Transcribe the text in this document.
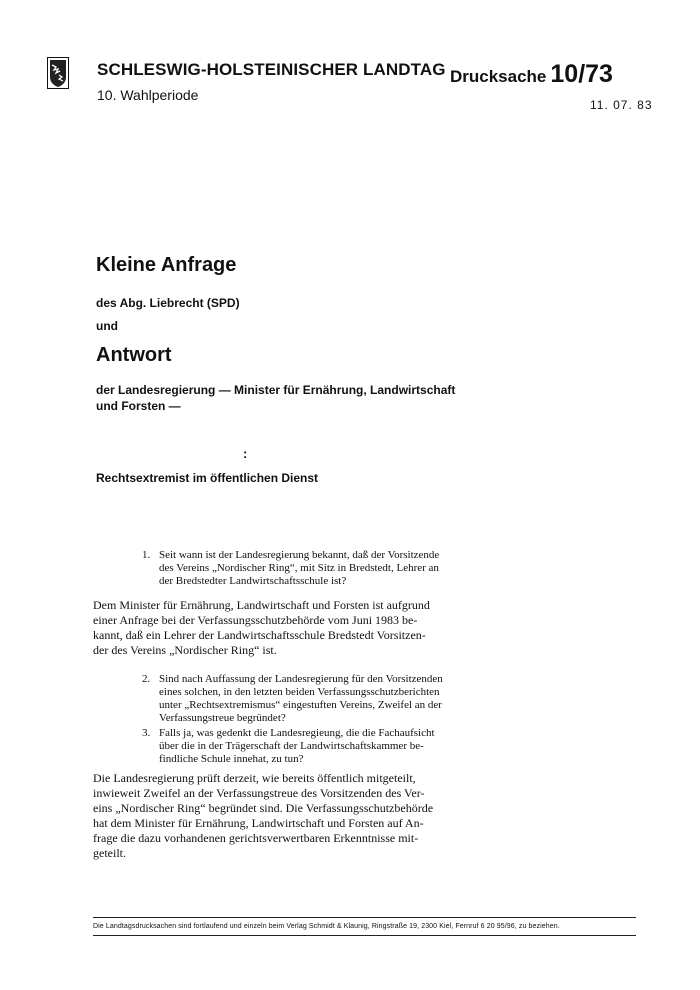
SCHLESWIG-HOLSTEINISCHER LANDTAG
10. Wahlperiode
Drucksache 10/73
11. 07. 83
Kleine Anfrage
des Abg. Liebrecht (SPD)
und
Antwort
der Landesregierung — Minister für Ernährung, Landwirtschaft
und Forsten —
:
Rechtsextremist im öffentlichen Dienst
1. Seit wann ist der Landesregierung bekannt, daß der Vorsitzende
des Vereins „Nordischer Ring“, mit Sitz in Bredstedt, Lehrer an
der Bredstedter Landwirtschaftsschule ist?
Dem Minister für Ernährung, Landwirtschaft und Forsten ist aufgrund
einer Anfrage bei der Verfassungsschutzbehörde vom Juni 1983 be-
kannt, daß ein Lehrer der Landwirtschaftsschule Bredstedt Vorsitzen-
der des Vereins „Nordischer Ring“ ist.
2. Sind nach Auffassung der Landesregierung für den Vorsitzenden
eines solchen, in den letzten beiden Verfassungsschutzberichten
unter „Rechtsextremismus“ eingestuften Vereins, Zweifel an der
Verfassungstreue begründet?
3. Falls ja, was gedenkt die Landesregieung, die die Fachaufsicht
über die in der Trägerschaft der Landwirtschaftskammer be-
findliche Schule innehat, zu tun?
Die Landesregierung prüft derzeit, wie bereits öffentlich mitgeteilt,
inwieweit Zweifel an der Verfassungstreue des Vorsitzenden des Ver-
eins „Nordischer Ring“ begründet sind. Die Verfassungsschutzbehörde
hat dem Minister für Ernährung, Landwirtschaft und Forsten auf An-
frage die dazu vorhandenen gerichtsverwertbaren Erkenntnisse mit-
geteilt.
Die Landtagsdrucksachen sind fortlaufend und einzeln beim Verlag Schmidt & Klaunig, Ringstraße 19, 2300 Kiel, Fernruf 6 20 95/96, zu beziehen.
